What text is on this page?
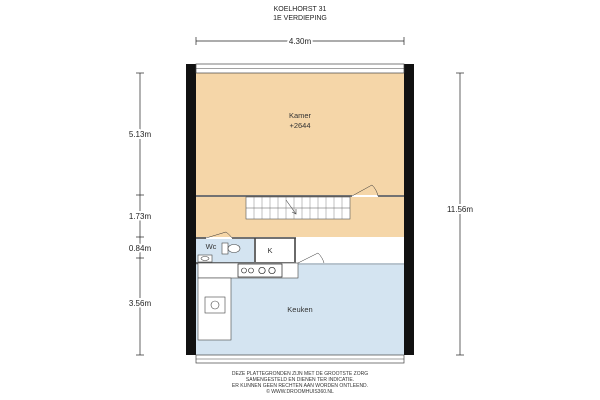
KOELHORST 31
1E VERDIEPING
4.30m
5.13m
1.73m
0.84m
3.56m
11.56m
Kamer
+2644
Wc	K
Keuken
DEZE PLATTEGRONDEN ZIJN MET DE GROOTSTE ZORG
SAMENGESTELD EN DIENEN TER INDICATIE.
ER KUNNEN GEEN RECHTEN AAN WORDEN ONTLEEND.
© WWW.DROOMHUIS360.NL
